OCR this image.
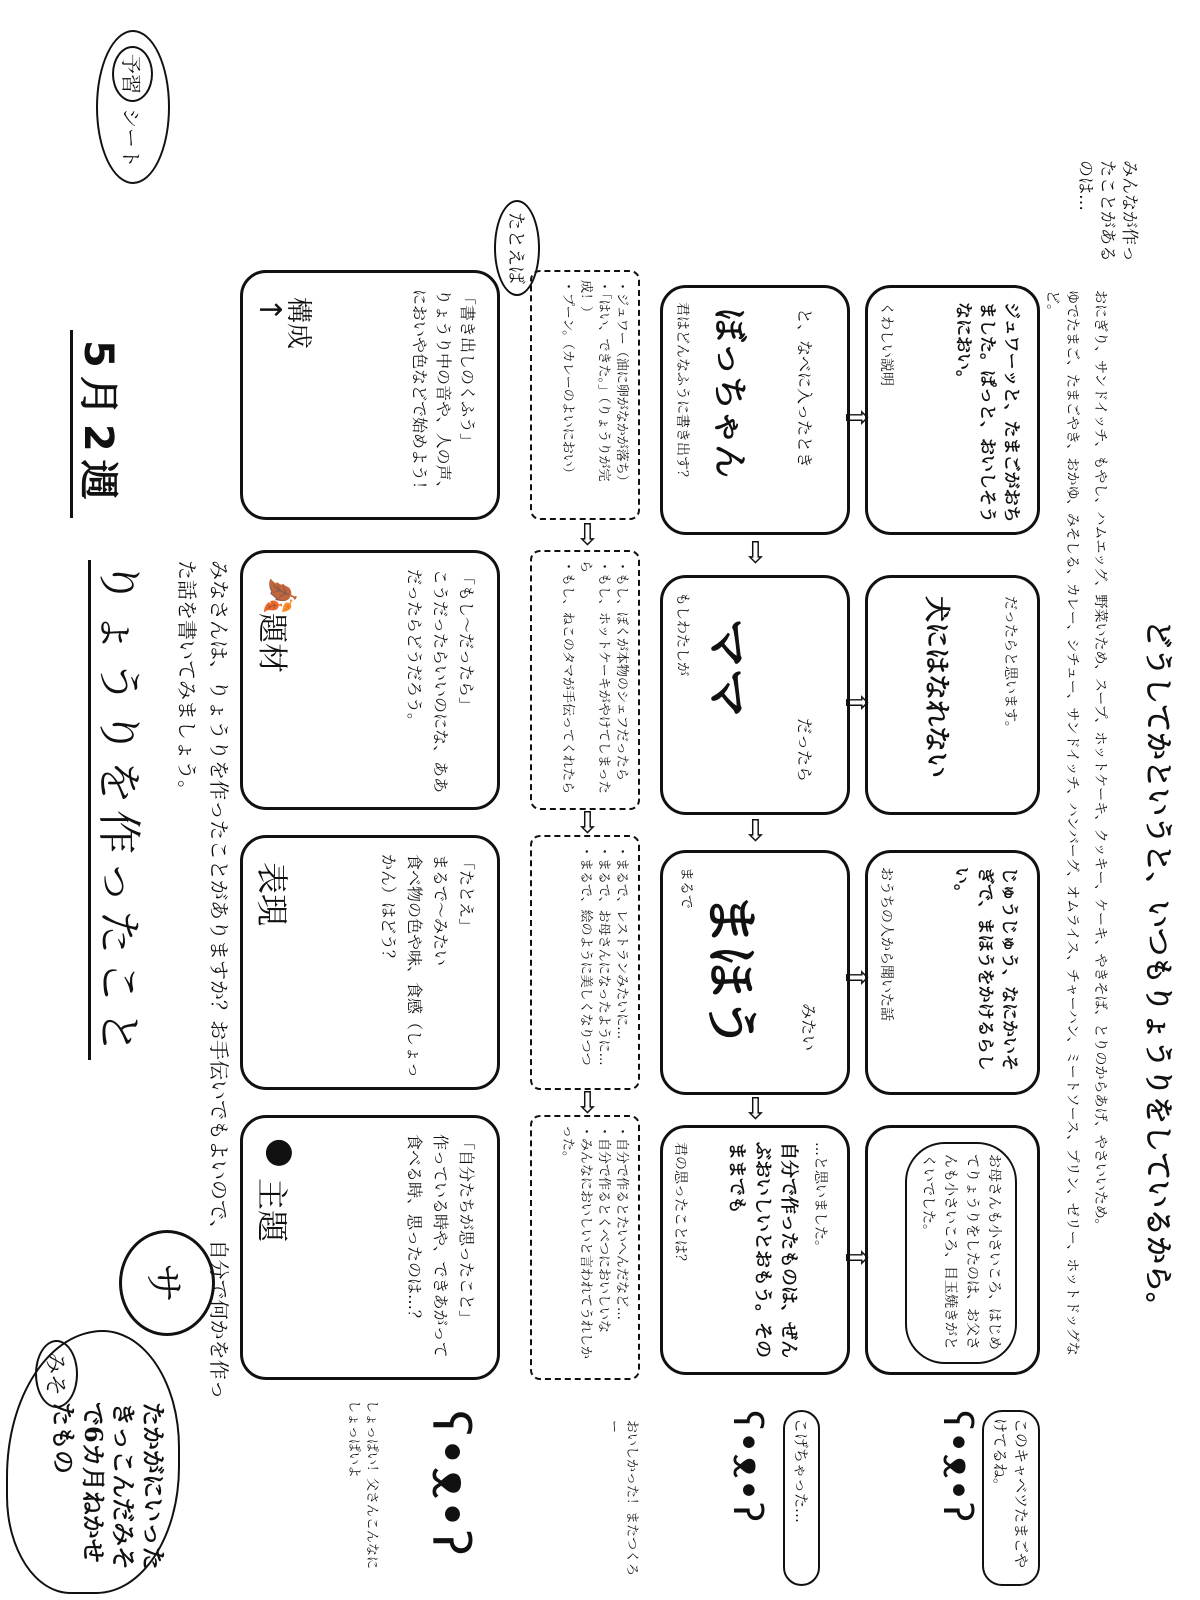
予習
シート
5月2週
りょうりを作ったこと	みなさんは、りょうりを作ったことがありますか？お手伝いでもよいので、自分で何かを作った話を書いてみましょう。
サ
みそ
たかがにいったきっこんだみそで6カ月ねかせたもの
↑
構成	「書き出しのくふう」
りょうり中の音や、人の声、においや色などで始めよう！
🍂
題材	「もし～だったら」
こうだったらいいのにな、ああだったらどうだろう。
表現	「たとえ」
まるで～みたい
食べ物の色や味、食感（しょっかん）はどう？
●
主題	「自分たちが思ったこと」
作っている時や、できあがって食べる時、思ったのは…？
たとえば
・ジュワー（油に卵がなかが落ち）
・「はい、できた。」（りょうりが完成！）
・プーン。（カレーのよいにおい）
・もし、ぼくが本物のシェフだったら
・もし、ホットケーキがやけてしまったら
・もし、ねこのタマが手伝ってくれたら
・まるで、レストランみたいに…
・まるで、お母さんになったように…
・まるで、絵のように美しくなりつつ
・自分で作るとたいへんだなど…
・自分で作るとくべつにおいしいな
・みんなにおいしいと言われてうれしかった。
⇨
⇨
⇨
ʕ•ᴥ•ʔ
しょっぱい！父さんこんなにしょっぱいよ	おいしかった！またつくろー	こげちゃった…
ʕ•ᴥ•ʔ	このキャベツたまごやけてるね。
ʕ•ᴥ•ʔ
みんなが作ったことがあるのは…
君はどんなふうに書き出す？ ぼっちゃん	と、なべに入ったとき
もしわたしが ママ
だったら
まるで
まほう	みたい
君の思ったことは？	自分で作ったものは、ぜんぶおいしいとおもう。そのままでも	…と思いました。
⇨
⇨
⇨
くわしい説明	ジュワーッと、たまごがおちました。ぱっと、おいしそうなにおい。
犬にはなれない	だったらと思います。
おうちの人から聞いた話	じゅうじゅう、なにかいそぎで、まほうをかけるらしい。
お母さんも小さいころ、はじめてりょうりをしたのは、お父さんも小さいころ、目玉焼きがとくいでした。
⇧
⇧
⇧
⇧	ゆでたまご、たまごやき、おかゆ、みそしる、カレー、シチュー、サンドイッチ、ハンバーグ、オムライス、チャーハン、ミートソース、プリン、ゼリー、ホットドッグなど。	おにぎり、サンドイッチ、もやし、ハムエッグ、野菜いため、スープ、ホットケーキ、クッキー、ケーキ、やきそば、とりのからあげ、やさいいため。 どうしてかというと、いつもりょうりをしているから。
